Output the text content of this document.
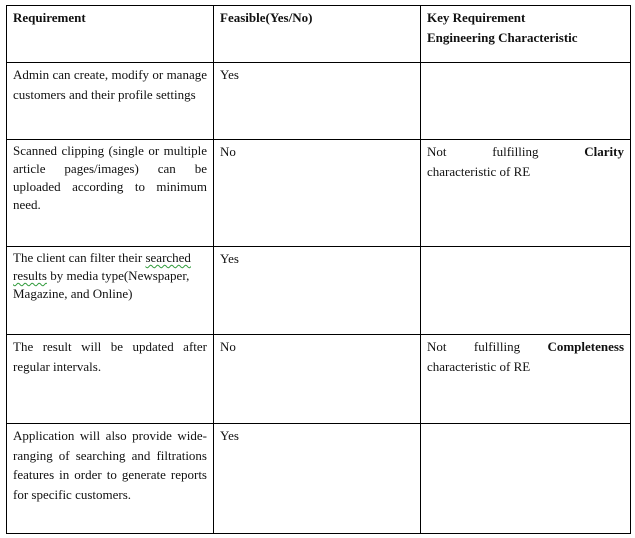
Requirement	Feasible(Yes/No)	Key Requirement
Engineering Characteristic

Admin can create, modify or manage customers and their profile settings	Yes	
Scanned clipping (single or multiple article pages/images) can be uploaded according to minimum need.	No	Not fulfilling Clarity
characteristic of RE

The client can filter their searched results by media type(Newspaper, Magazine, and Online)	Yes	
The result will be updated after regular intervals.	No	Not fulfilling Completeness
characteristic of RE

Application will also provide wide-ranging of searching and filtrations features in order to generate reports for specific customers.	Yes	
